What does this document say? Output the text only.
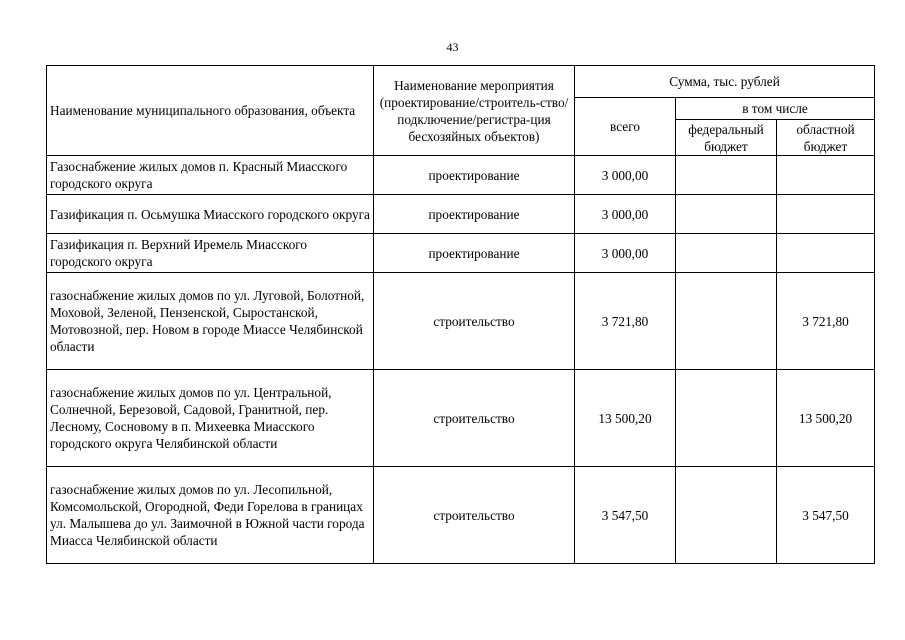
43
Наименование муниципального образования, объекта	Наименование мероприятия (проектирование/строитель-ство/подключение/регистра-ция бесхозяйных объектов)	Сумма, тыс. рублей		
		всего	в том числе	
			федеральный бюджет	областной бюджет
Газоснабжение жилых домов п. Красный Миасского городского округа	проектирование	3 000,00		
Газификация п. Осьмушка Миасского городского округа	проектирование	3 000,00		
Газификация п. Верхний Иремель Миасского городского округа	проектирование	3 000,00		
газоснабжение жилых домов по ул. Луговой, Болотной, Моховой, Зеленой, Пензенской, Сыростанской, Мотовозной, пер. Новом в городе Миассе Челябинской области	строительство	3 721,80		3 721,80
газоснабжение жилых домов по ул. Центральной, Солнечной, Березовой, Садовой, Гранитной, пер. Лесному, Сосновому в п. Михеевка Миасского городского округа Челябинской области	строительство	13 500,20		13 500,20
газоснабжение жилых домов по ул. Лесопильной, Комсомольской, Огородной, Феди Горелова в границах ул. Малышева до ул. Заимочной в Южной части города Миасса Челябинской области	строительство	3 547,50		3 547,50
